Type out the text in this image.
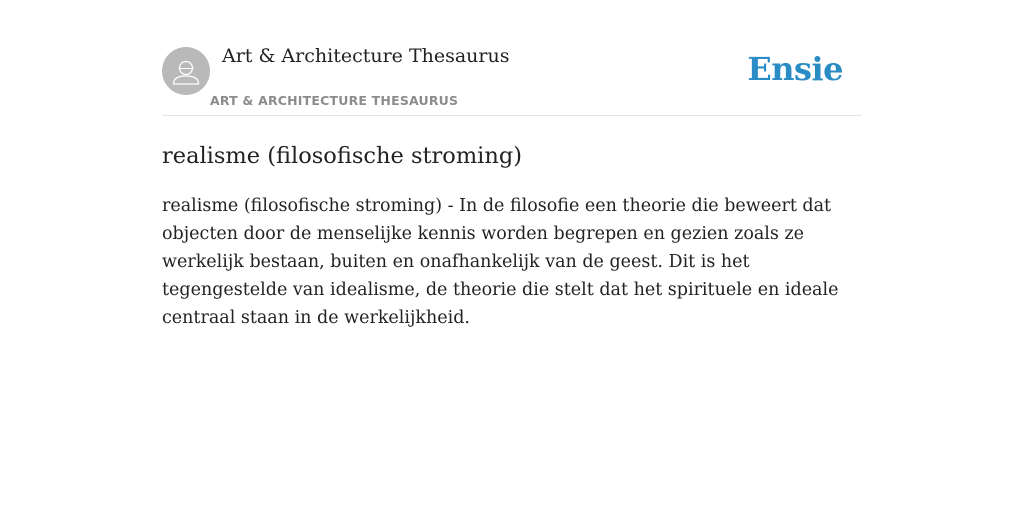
Art & Architecture Thesaurus
ART & ARCHITECTURE THESAURUS
Ensie
realisme (filosofische stroming)

realisme (filosofische stroming) - In de filosofie een theorie die beweert dat objecten door de menselijke kennis worden begrepen en gezien zoals ze werkelijk bestaan, buiten en onafhankelijk van de geest. Dit is het tegengestelde van idealisme, de theorie die stelt dat het spirituele en ideale centraal staan in de werkelijkheid.
